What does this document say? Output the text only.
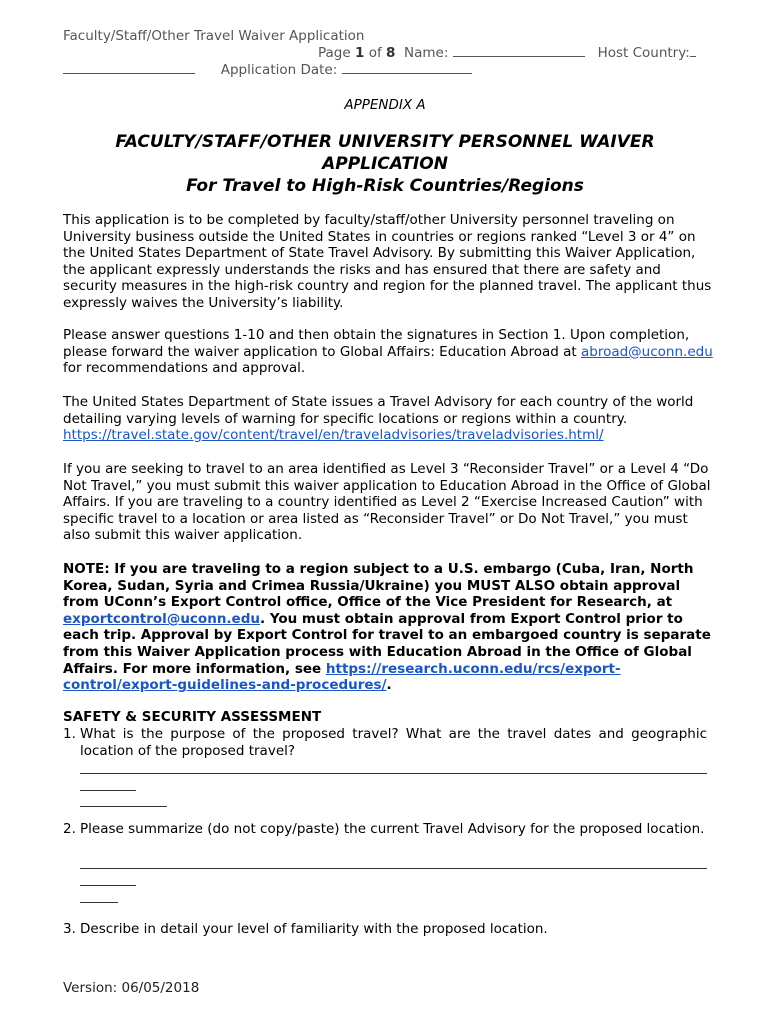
Faculty/Staff/Other Travel Waiver Application
Page 1 of 8 Name:	Host Country:
Application Date:
APPENDIX A
FACULTY/STAFF/OTHER UNIVERSITY PERSONNEL WAIVER APPLICATION
For Travel to High-Risk Countries/Regions
This application is to be completed by faculty/staff/other University personnel traveling on University business outside the United States in countries or regions ranked “Level 3 or 4” on the United States Department of State Travel Advisory. By submitting this Waiver Application, the applicant expressly understands the risks and has ensured that there are safety and security measures in the high-risk country and region for the planned travel. The applicant thus expressly waives the University’s liability.
Please answer questions 1-10 and then obtain the signatures in Section 1. Upon completion, please forward the waiver application to Global Affairs: Education Abroad at abroad@uconn.edu for recommendations and approval.
The United States Department of State issues a Travel Advisory for each country of the world detailing varying levels of warning for specific locations or regions within a country.
https://travel.state.gov/content/travel/en/traveladvisories/traveladvisories.html/
If you are seeking to travel to an area identified as Level 3 “Reconsider Travel” or a Level 4 “Do Not Travel,” you must submit this waiver application to Education Abroad in the Office of Global Affairs. If you are traveling to a country identified as Level 2 “Exercise Increased Caution” with specific travel to a location or area listed as “Reconsider Travel” or Do Not Travel,” you must also submit this waiver application.
NOTE: If you are traveling to a region subject to a U.S. embargo (Cuba, Iran, North Korea, Sudan, Syria and Crimea Russia/Ukraine) you MUST ALSO obtain approval from UConn’s Export Control office, Office of the Vice President for Research, at exportcontrol@uconn.edu. You must obtain approval from Export Control prior to each trip. Approval by Export Control for travel to an embargoed country is separate from this Waiver Application process with Education Abroad in the Office of Global Affairs. For more information, see https://research.uconn.edu/rcs/export-control/export-guidelines-and-procedures/.
SAFETY & SECURITY ASSESSMENT
1. What is the purpose of the proposed travel? What are the travel dates and geographic location of the proposed travel?
2. Please summarize (do not copy/paste) the current Travel Advisory for the proposed location.
3. Describe in detail your level of familiarity with the proposed location.
Version: 06/05/2018
